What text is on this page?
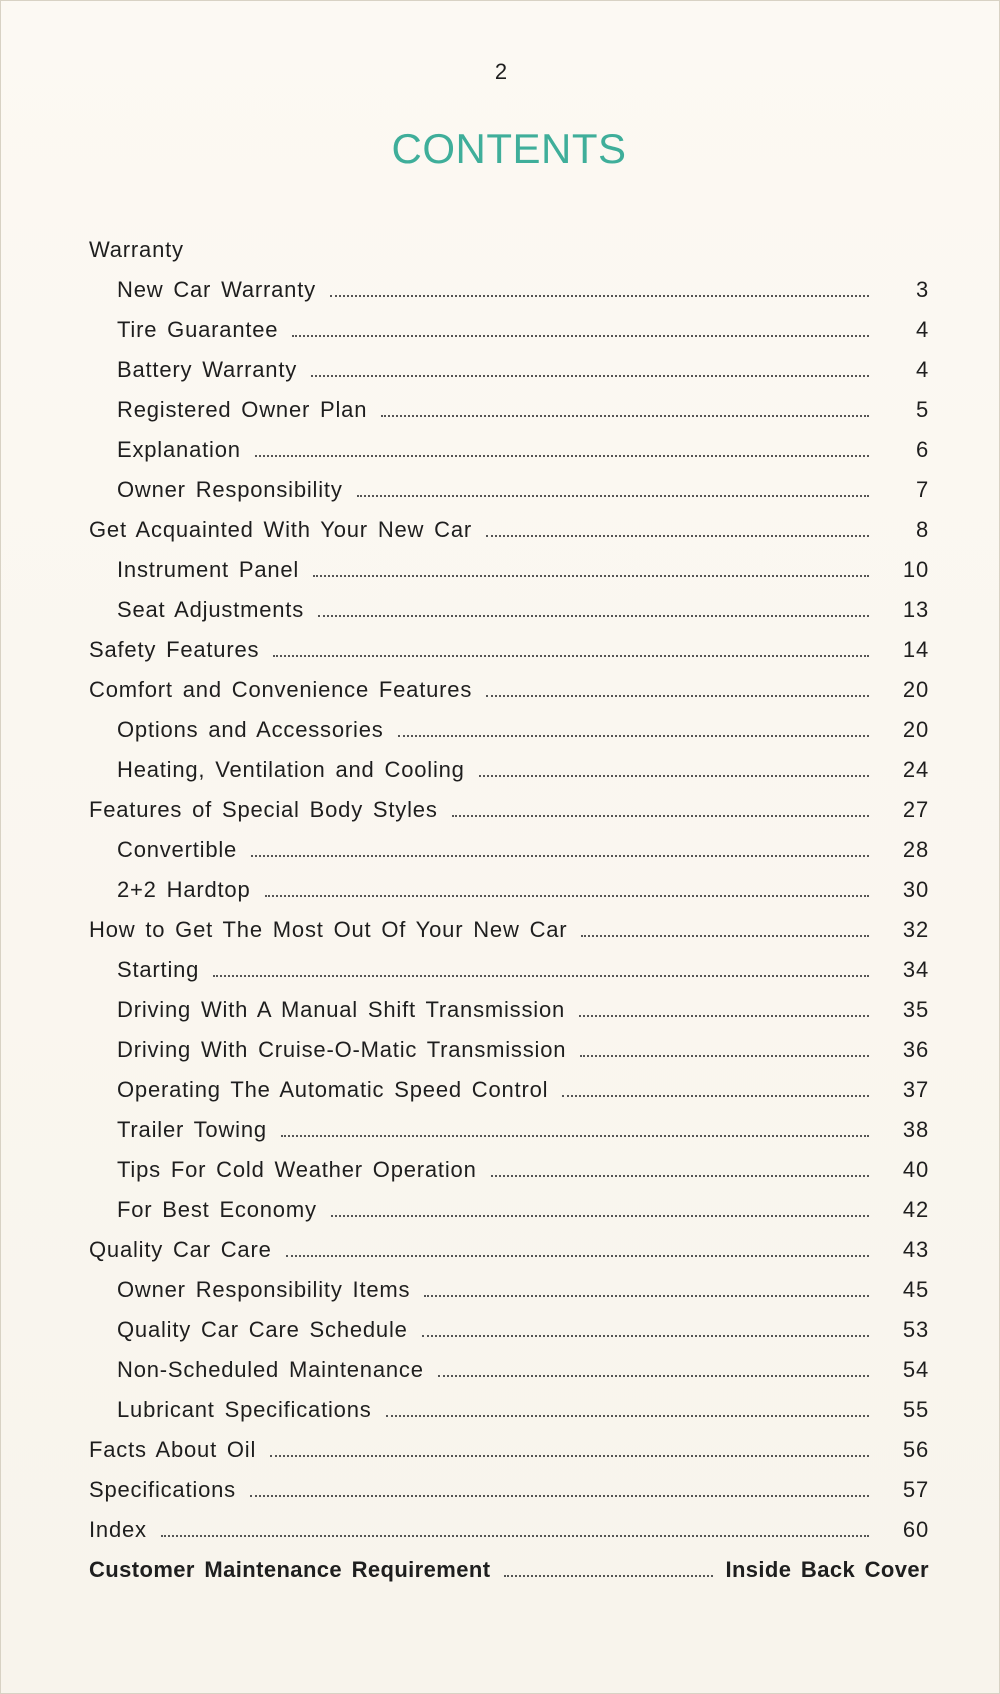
2
CONTENTS
Warranty
New Car Warranty	3
Tire Guarantee	4
Battery Warranty	4
Registered Owner Plan	5
Explanation	6
Owner Responsibility	7
Get Acquainted With Your New Car	8
Instrument Panel	10
Seat Adjustments	13
Safety Features	14
Comfort and Convenience Features	20
Options and Accessories	20
Heating, Ventilation and Cooling	24
Features of Special Body Styles	27
Convertible	28
2+2 Hardtop	30
How to Get The Most Out Of Your New Car	32
Starting	34
Driving With A Manual Shift Transmission	35
Driving With Cruise-O-Matic Transmission	36
Operating The Automatic Speed Control	37
Trailer Towing	38
Tips For Cold Weather Operation	40
For Best Economy	42
Quality Car Care	43
Owner Responsibility Items	45
Quality Car Care Schedule	53
Non-Scheduled Maintenance	54
Lubricant Specifications	55
Facts About Oil	56
Specifications	57
Index	60
Customer Maintenance Requirement	Inside Back Cover
